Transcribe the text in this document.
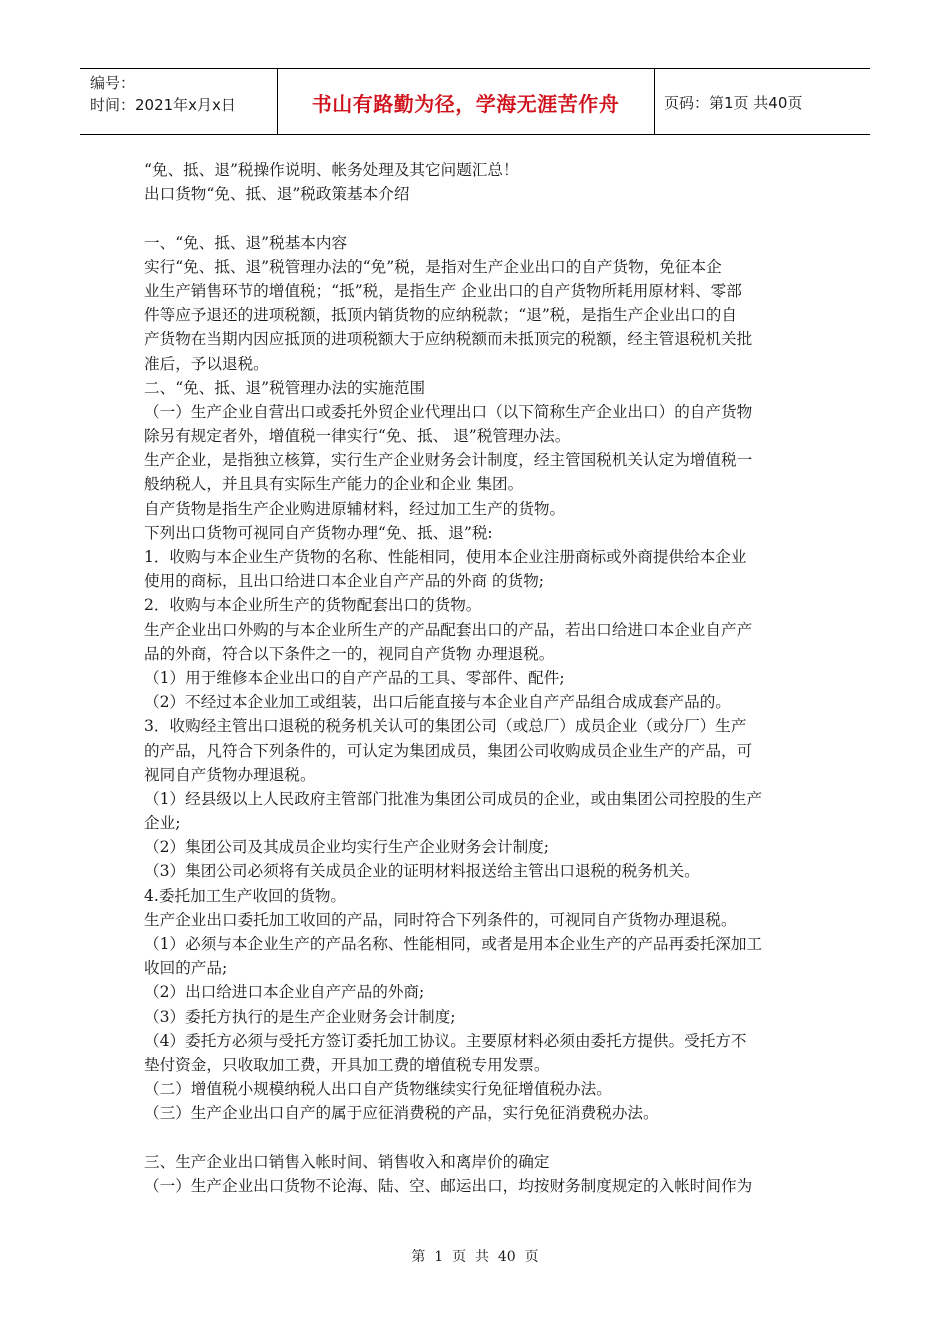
编号：
时间：2021年x月x日	书山有路勤为径，学海无涯苦作舟	页码：第1页 共40页
“免、抵、退”税操作说明、帐务处理及其它问题汇总！
出口货物“免、抵、退”税政策基本介绍
一、“免、抵、退”税基本内容
实行“免、抵、退”税管理办法的“免”税，是指对生产企业出口的自产货物，免征本企
业生产销售环节的增值税；“抵”税，是指生产 企业出口的自产货物所耗用原材料、零部
件等应予退还的进项税额，抵顶内销货物的应纳税款；“退”税，是指生产企业出口的自
产货物在当期内因应抵顶的进项税额大于应纳税额而未抵顶完的税额，经主管退税机关批
准后，予以退税。
二、“免、抵、退”税管理办法的实施范围
（一）生产企业自营出口或委托外贸企业代理出口（以下简称生产企业出口）的自产货物
除另有规定者外，增值税一律实行“免、抵、 退”税管理办法。
生产企业，是指独立核算，实行生产企业财务会计制度，经主管国税机关认定为增值税一
般纳税人，并且具有实际生产能力的企业和企业 集团。
自产货物是指生产企业购进原辅材料，经过加工生产的货物。
下列出口货物可视同自产货物办理“免、抵、退”税:
1．收购与本企业生产货物的名称、性能相同，使用本企业注册商标或外商提供给本企业
使用的商标，且出口给进口本企业自产产品的外商 的货物;
2．收购与本企业所生产的货物配套出口的货物。
生产企业出口外购的与本企业所生产的产品配套出口的产品，若出口给进口本企业自产产
品的外商，符合以下条件之一的，视同自产货物 办理退税。
（1）用于维修本企业出口的自产产品的工具、零部件、配件;
（2）不经过本企业加工或组装，出口后能直接与本企业自产产品组合成成套产品的。
3．收购经主管出口退税的税务机关认可的集团公司（或总厂）成员企业（或分厂）生产
的产品，凡符合下列条件的，可认定为集团成员，集团公司收购成员企业生产的产品，可
视同自产货物办理退税。
（1）经县级以上人民政府主管部门批准为集团公司成员的企业，或由集团公司控股的生产
企业;
（2）集团公司及其成员企业均实行生产企业财务会计制度;
（3）集团公司必须将有关成员企业的证明材料报送给主管出口退税的税务机关。
4.委托加工生产收回的货物。
生产企业出口委托加工收回的产品，同时符合下列条件的，可视同自产货物办理退税。
（1）必须与本企业生产的产品名称、性能相同，或者是用本企业生产的产品再委托深加工
收回的产品;
（2）出口给进口本企业自产产品的外商;
（3）委托方执行的是生产企业财务会计制度;
（4）委托方必须与受托方签订委托加工协议。主要原材料必须由委托方提供。受托方不
垫付资金，只收取加工费，开具加工费的增值税专用发票。
（二）增值税小规模纳税人出口自产货物继续实行免征增值税办法。
（三）生产企业出口自产的属于应征消费税的产品，实行免征消费税办法。
三、生产企业出口销售入帐时间、销售收入和离岸价的确定
（一）生产企业出口货物不论海、陆、空、邮运出口，均按财务制度规定的入帐时间作为
第  1  页  共  40  页
